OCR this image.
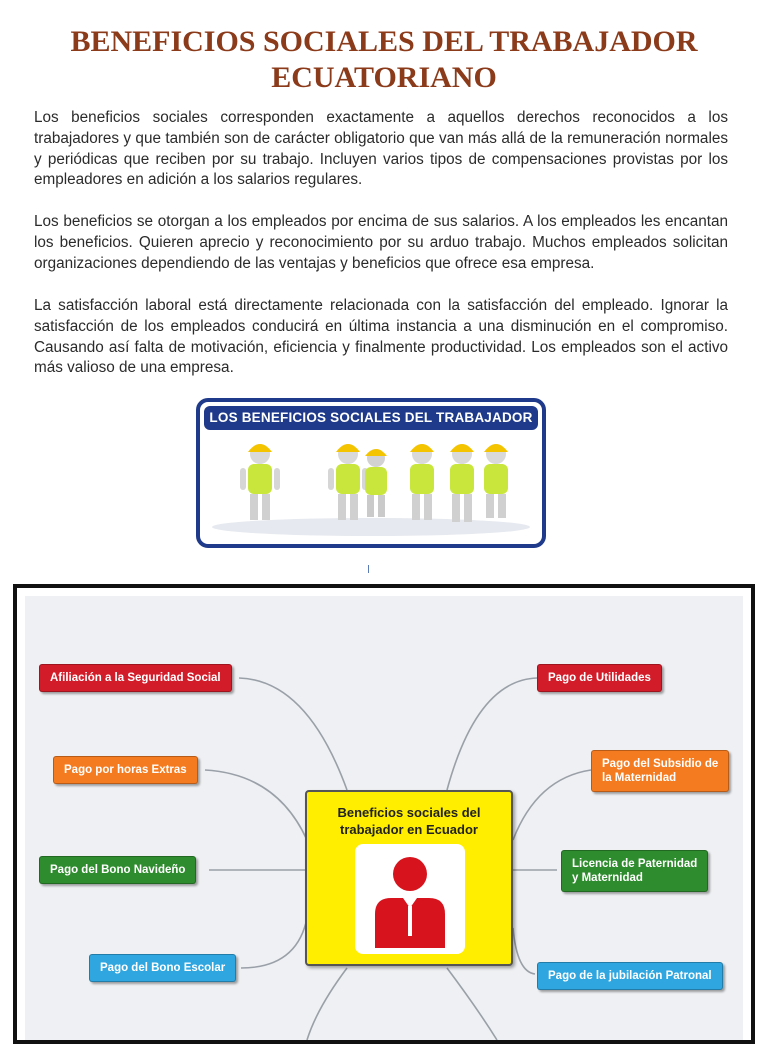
BENEFICIOS SOCIALES DEL TRABAJADOR
ECUATORIANO

Los beneficios sociales corresponden exactamente a aquellos derechos reconocidos a los trabajadores y que también son de carácter obligatorio que van más allá de la remuneración normales y periódicas que reciben por su trabajo. Incluyen varios tipos de compensaciones provistas por los empleadores en adición a los salarios regulares.

Los beneficios se otorgan a los empleados por encima de sus salarios. A los empleados les encantan los beneficios. Quieren aprecio y reconocimiento por su arduo trabajo. Muchos empleados solicitan organizaciones dependiendo de las ventajas y beneficios que ofrece esa empresa.

La satisfacción laboral está directamente relacionada con la satisfacción del empleado. Ignorar la satisfacción de los empleados conducirá en última instancia a una disminución en el compromiso. Causando así falta de motivación, eficiencia y finalmente productividad. Los empleados son el activo más valioso de una empresa.

LOS BENEFICIOS SOCIALES DEL TRABAJADOR
Afiliación a la Seguridad Social
Pago por horas Extras
Pago del Bono Navideño
Pago del Bono Escolar
Pago de Utilidades
Pago del Subsidio de
la Maternidad
Licencia de Paternidad
y Maternidad
Pago de la jubilación Patronal
Beneficios sociales del
trabajador en Ecuador
